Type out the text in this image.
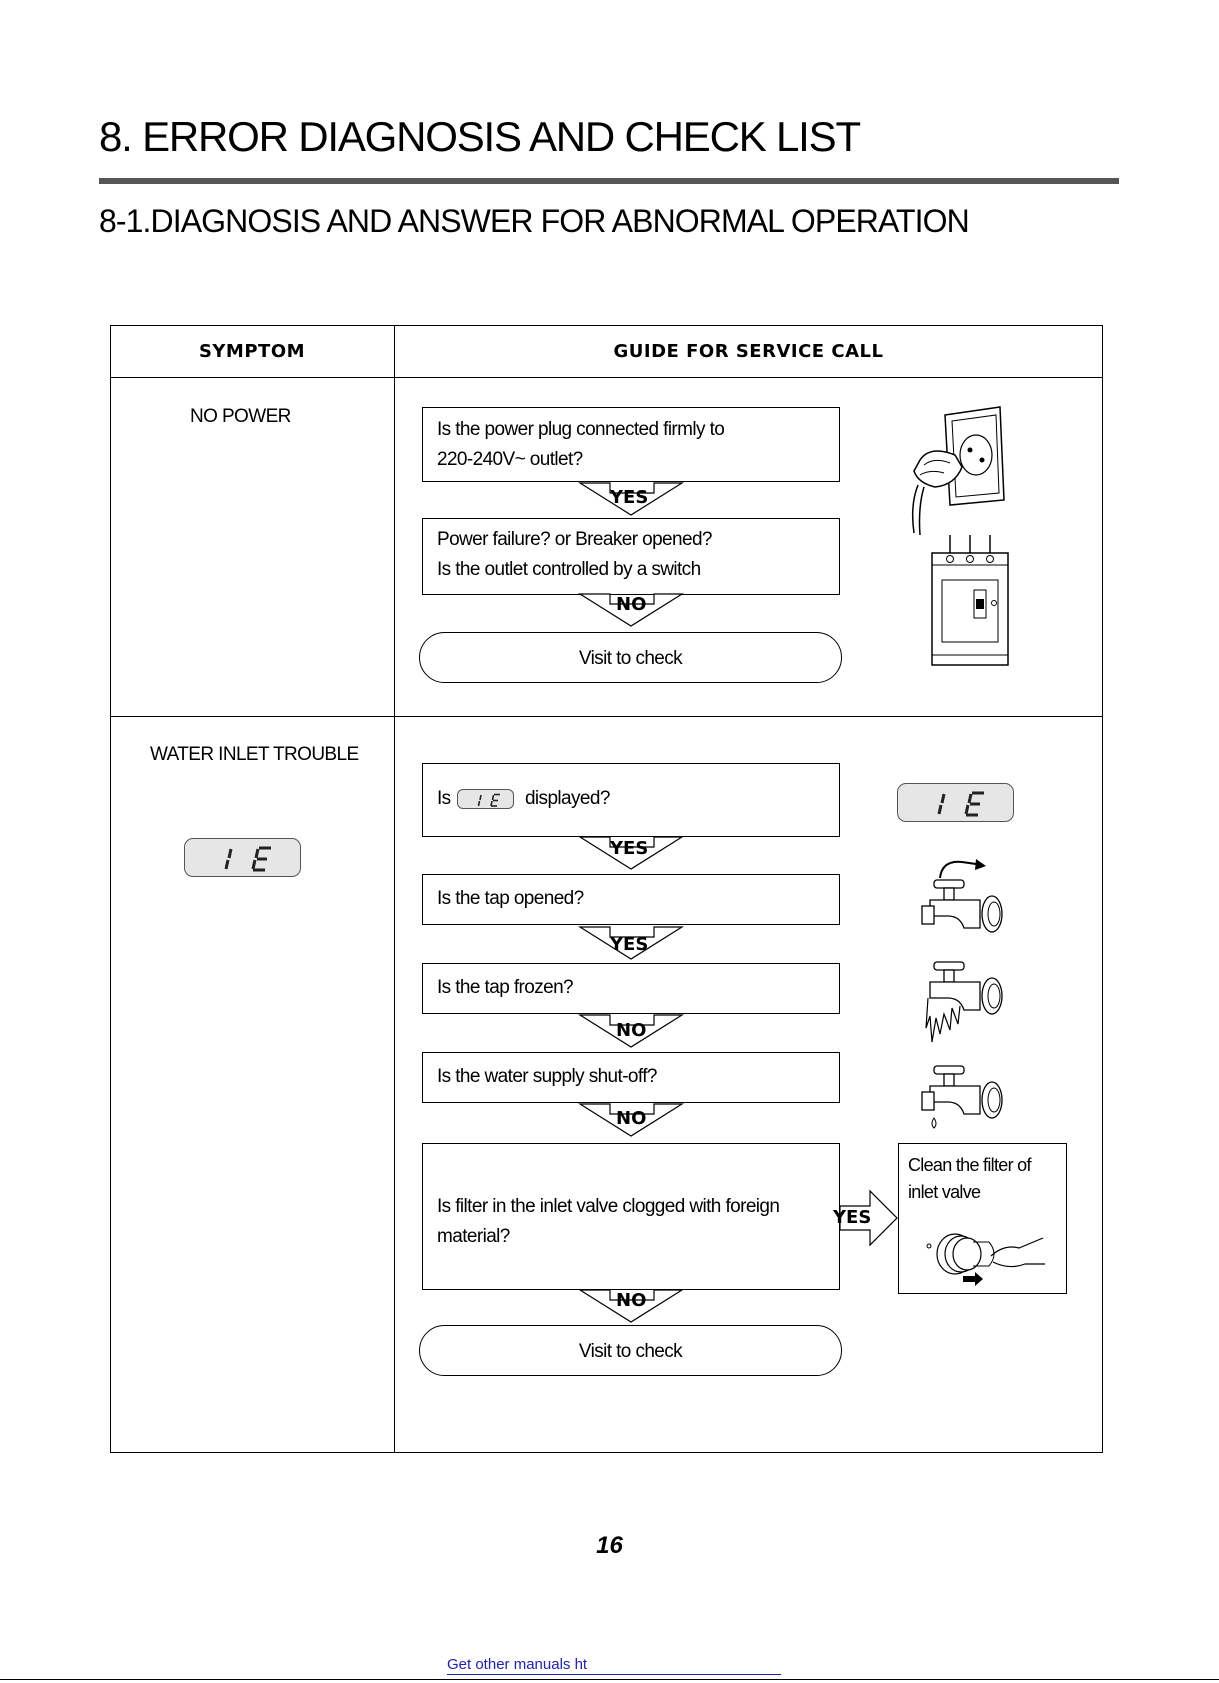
8. ERROR DIAGNOSIS AND CHECK LIST
8-1.DIAGNOSIS AND ANSWER FOR ABNORMAL OPERATION
SYMPTOM	GUIDE FOR SERVICE CALL
NO POWER
Is the power plug connected firmly to
220-240V~ outlet?
YES
Power failure? or Breaker opened?
Is the outlet controlled by a switch
NO
Visit to check
WATER INLET TROUBLE
Is	displayed?
YES
Is the tap opened?
YES
Is the tap frozen?
NO
Is the water supply shut-off?
NO
Is filter in the inlet valve clogged with foreign
material?
YES
Clean the filter of
inlet valve
NO
Visit to check
16
Get other manuals ht
